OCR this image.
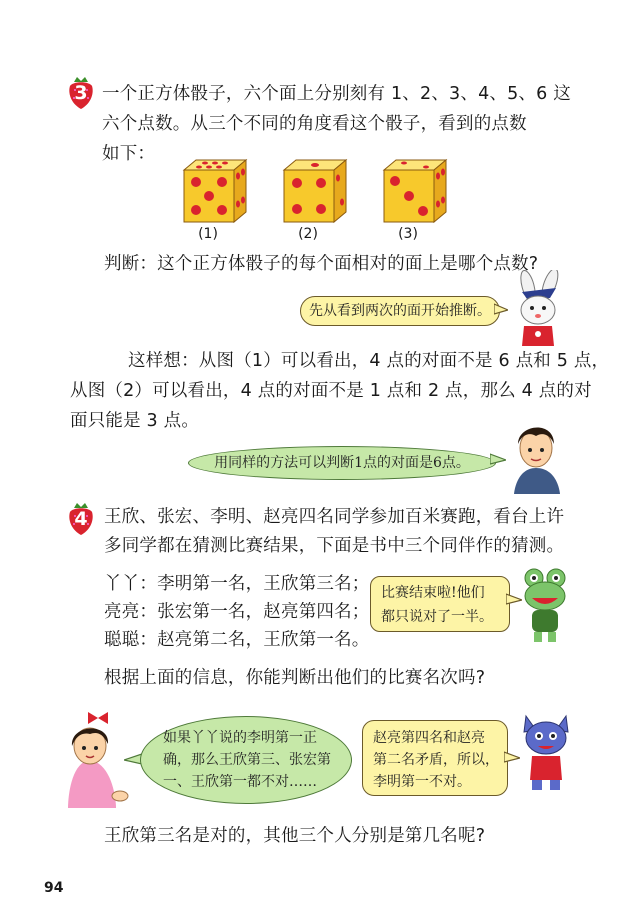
3 一个正方体骰子，六个面上分别刻有 1、2、3、4、5、6 这
六个点数。从三个不同的角度看这个骰子，看到的点数
如下：
(1)	(2)	(3)
判断：这个正方体骰子的每个面相对的面上是哪个点数?
先从看到两次的面开始推断。
这样想：从图（1）可以看出，4 点的对面不是 6 点和 5 点，
从图（2）可以看出，4 点的对面不是 1 点和 2 点，那么 4 点的对
面只能是 3 点。
用同样的方法可以判断1点的对面是6点。
4 王欣、张宏、李明、赵亮四名同学参加百米赛跑，看台上许
多同学都在猜测比赛结果，下面是书中三个同伴作的猜测。
丫丫：李明第一名，王欣第三名；
亮亮：张宏第一名，赵亮第四名；
聪聪：赵亮第二名，王欣第一名。
比赛结束啦!他们
都只说对了一半。
根据上面的信息，你能判断出他们的比赛名次吗?
如果丫丫说的李明第一正
确，那么王欣第三、张宏第
一、王欣第一都不对……
赵亮第四名和赵亮
第二名矛盾，所以，
李明第一不对。
王欣第三名是对的，其他三个人分别是第几名呢?
94
